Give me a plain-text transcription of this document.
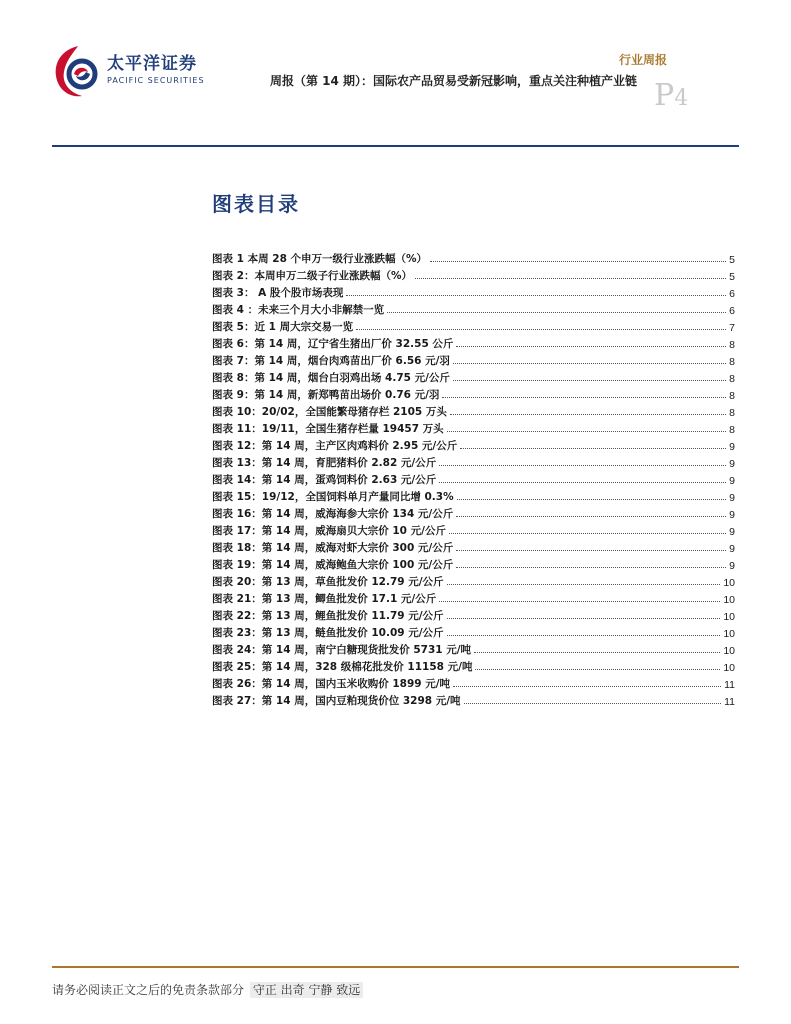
太平洋证券
PACIFIC SECURITIES
行业周报
周报（第 14 期）：国际农产品贸易受新冠影响，重点关注种植产业链 P4
图表目录
图表 1 本周 28 个申万一级行业涨跌幅（%）	5
图表 2：本周申万二级子行业涨跌幅（%）	5
图表 3： A 股个股市场表现	6
图表 4 ：未来三个月大小非解禁一览	6
图表 5：近 1 周大宗交易一览	7
图表 6：第 14 周，辽宁省生猪出厂价 32.55 公斤	8
图表 7：第 14 周，烟台肉鸡苗出厂价 6.56 元/羽	8
图表 8：第 14 周，烟台白羽鸡出场 4.75 元/公斤	8
图表 9：第 14 周，新郑鸭苗出场价 0.76 元/羽	8
图表 10：20/02，全国能繁母猪存栏 2105 万头	8
图表 11：19/11，全国生猪存栏量 19457 万头	8
图表 12：第 14 周，主产区肉鸡料价 2.95 元/公斤	9
图表 13：第 14 周，育肥猪料价 2.82 元/公斤	9
图表 14：第 14 周，蛋鸡饲料价 2.63 元/公斤	9
图表 15：19/12，全国饲料单月产量同比增 0.3%	9
图表 16：第 14 周，威海海参大宗价 134 元/公斤	9
图表 17：第 14 周，威海扇贝大宗价 10 元/公斤	9
图表 18：第 14 周，威海对虾大宗价 300 元/公斤	9
图表 19：第 14 周，威海鲍鱼大宗价 100 元/公斤	9
图表 20：第 13 周，草鱼批发价 12.79 元/公斤	10
图表 21：第 13 周，鲫鱼批发价 17.1 元/公斤	10
图表 22：第 13 周，鲤鱼批发价 11.79 元/公斤	10
图表 23：第 13 周，鲢鱼批发价 10.09 元/公斤	10
图表 24：第 14 周，南宁白糖现货批发价 5731 元/吨	10
图表 25：第 14 周，328 级棉花批发价 11158 元/吨	10
图表 26：第 14 周，国内玉米收购价 1899 元/吨	11
图表 27：第 14 周，国内豆粕现货价位 3298 元/吨	11
请务必阅读正文之后的免责条款部分 守正 出奇 宁静 致远
